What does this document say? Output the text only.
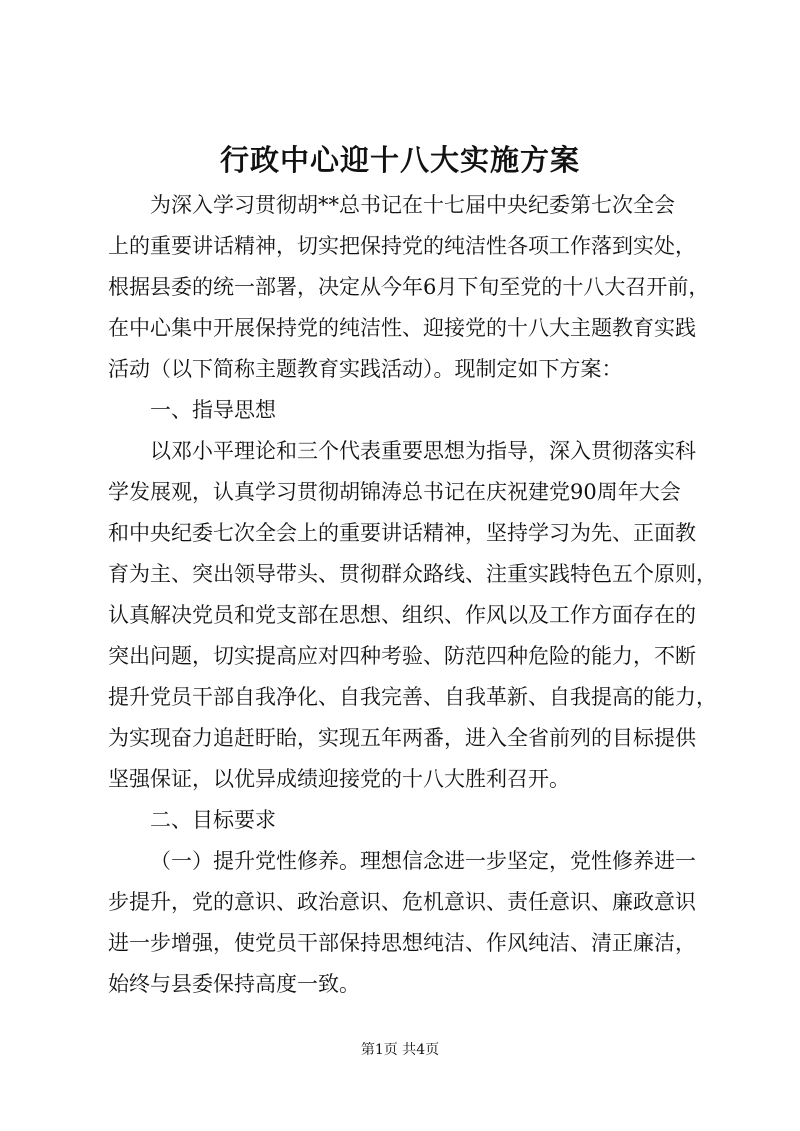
行政中心迎十八大实施方案
为深入学习贯彻胡**总书记在十七届中央纪委第七次全会
上的重要讲话精神，切实把保持党的纯洁性各项工作落到实处，
根据县委的统一部署，决定从今年6月下旬至党的十八大召开前，
在中心集中开展保持党的纯洁性、迎接党的十八大主题教育实践
活动（以下简称主题教育实践活动）。现制定如下方案：
一、指导思想
以邓小平理论和三个代表重要思想为指导，深入贯彻落实科
学发展观，认真学习贯彻胡锦涛总书记在庆祝建党90周年大会
和中央纪委七次全会上的重要讲话精神，坚持学习为先、正面教
育为主、突出领导带头、贯彻群众路线、注重实践特色五个原则，
认真解决党员和党支部在思想、组织、作风以及工作方面存在的
突出问题，切实提高应对四种考验、防范四种危险的能力，不断
提升党员干部自我净化、自我完善、自我革新、自我提高的能力，
为实现奋力追赶盱眙，实现五年两番，进入全省前列的目标提供
坚强保证，以优异成绩迎接党的十八大胜利召开。
二、目标要求
（一）提升党性修养。理想信念进一步坚定，党性修养进一
步提升，党的意识、政治意识、危机意识、责任意识、廉政意识
进一步增强，使党员干部保持思想纯洁、作风纯洁、清正廉洁，
始终与县委保持高度一致。
第1页 共4页
